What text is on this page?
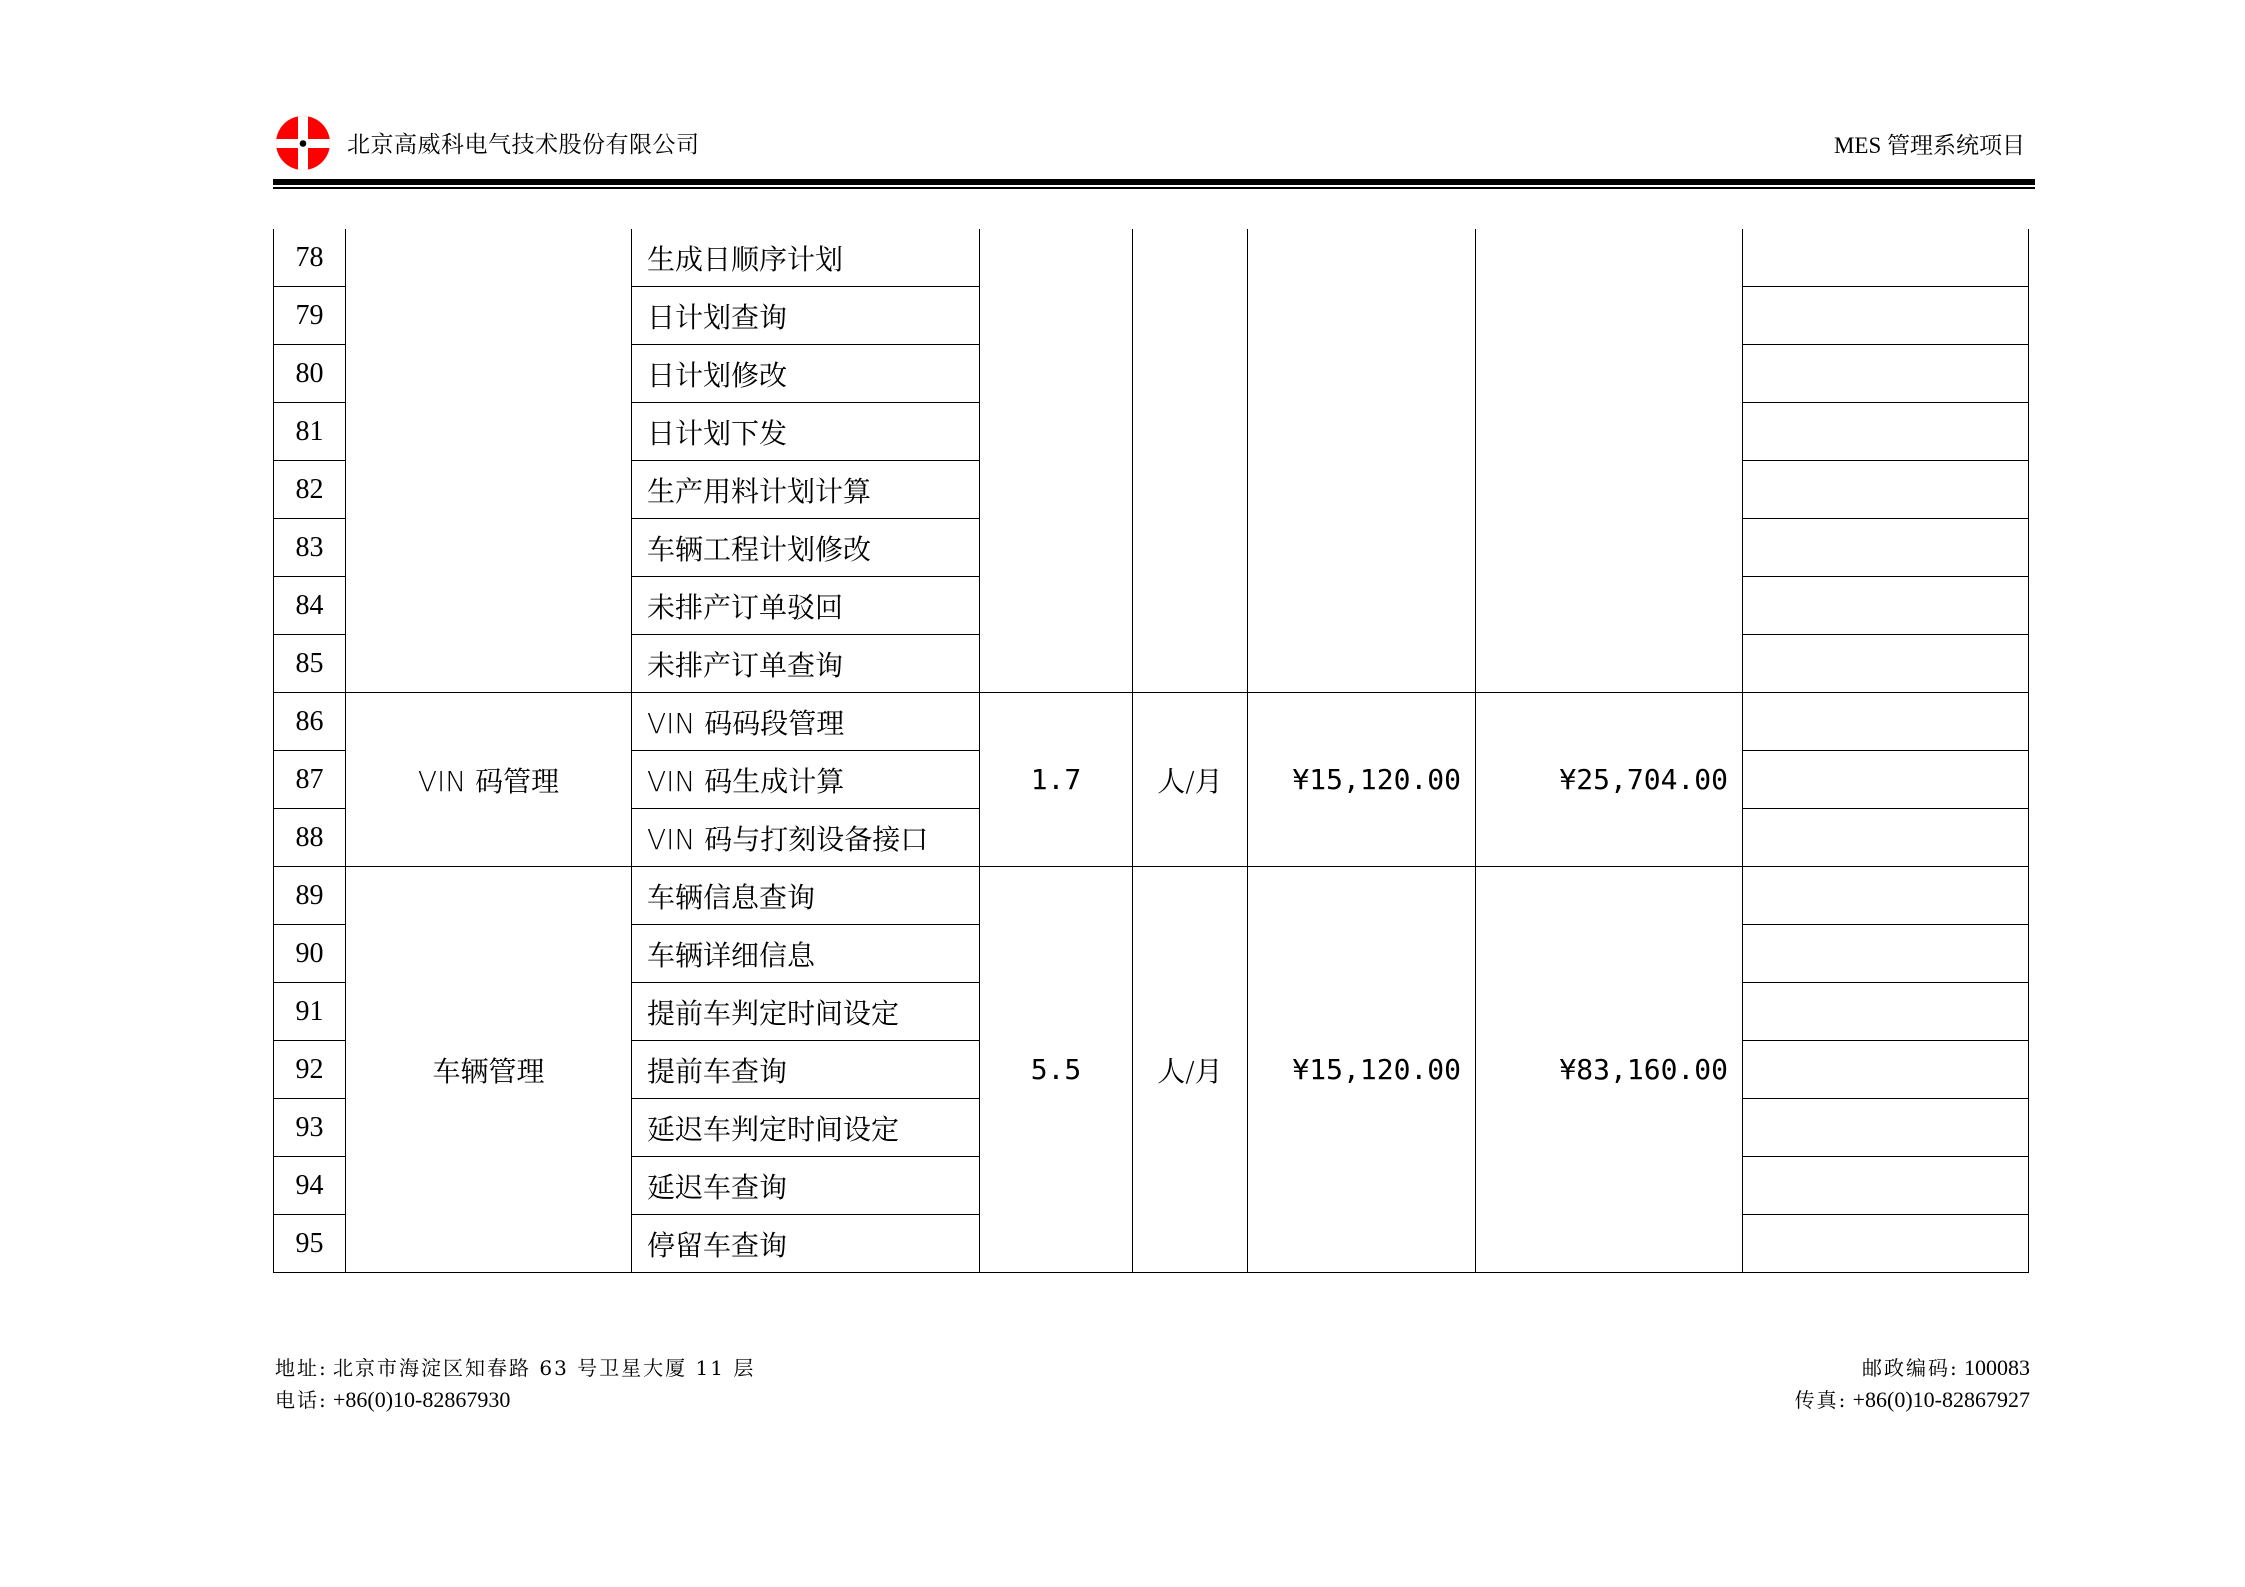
北京高威科电气技术股份有限公司	MES 管理系统项目
78		生成日顺序计划					
79		日计划查询					
80		日计划修改					
81		日计划下发					
82		生产用料计划计算					
83		车辆工程计划修改					
84		未排产订单驳回					
85		未排产订单查询					
86	VIN 码管理	VIN 码码段管理	1.7	人/月	¥15,120.00	¥25,704.00	
87		VIN 码生成计算					
88		VIN 码与打刻设备接口					
89	车辆管理	车辆信息查询	5.5	人/月	¥15,120.00	¥83,160.00	
90		车辆详细信息					
91		提前车判定时间设定					
92		提前车查询					
93		延迟车判定时间设定					
94		延迟车查询					
95		停留车查询					
地址: 北京市海淀区知春路 63 号卫星大厦 11 层
电话: +86(0)10-82867930
邮政编码: 100083
传真: +86(0)10-82867927
